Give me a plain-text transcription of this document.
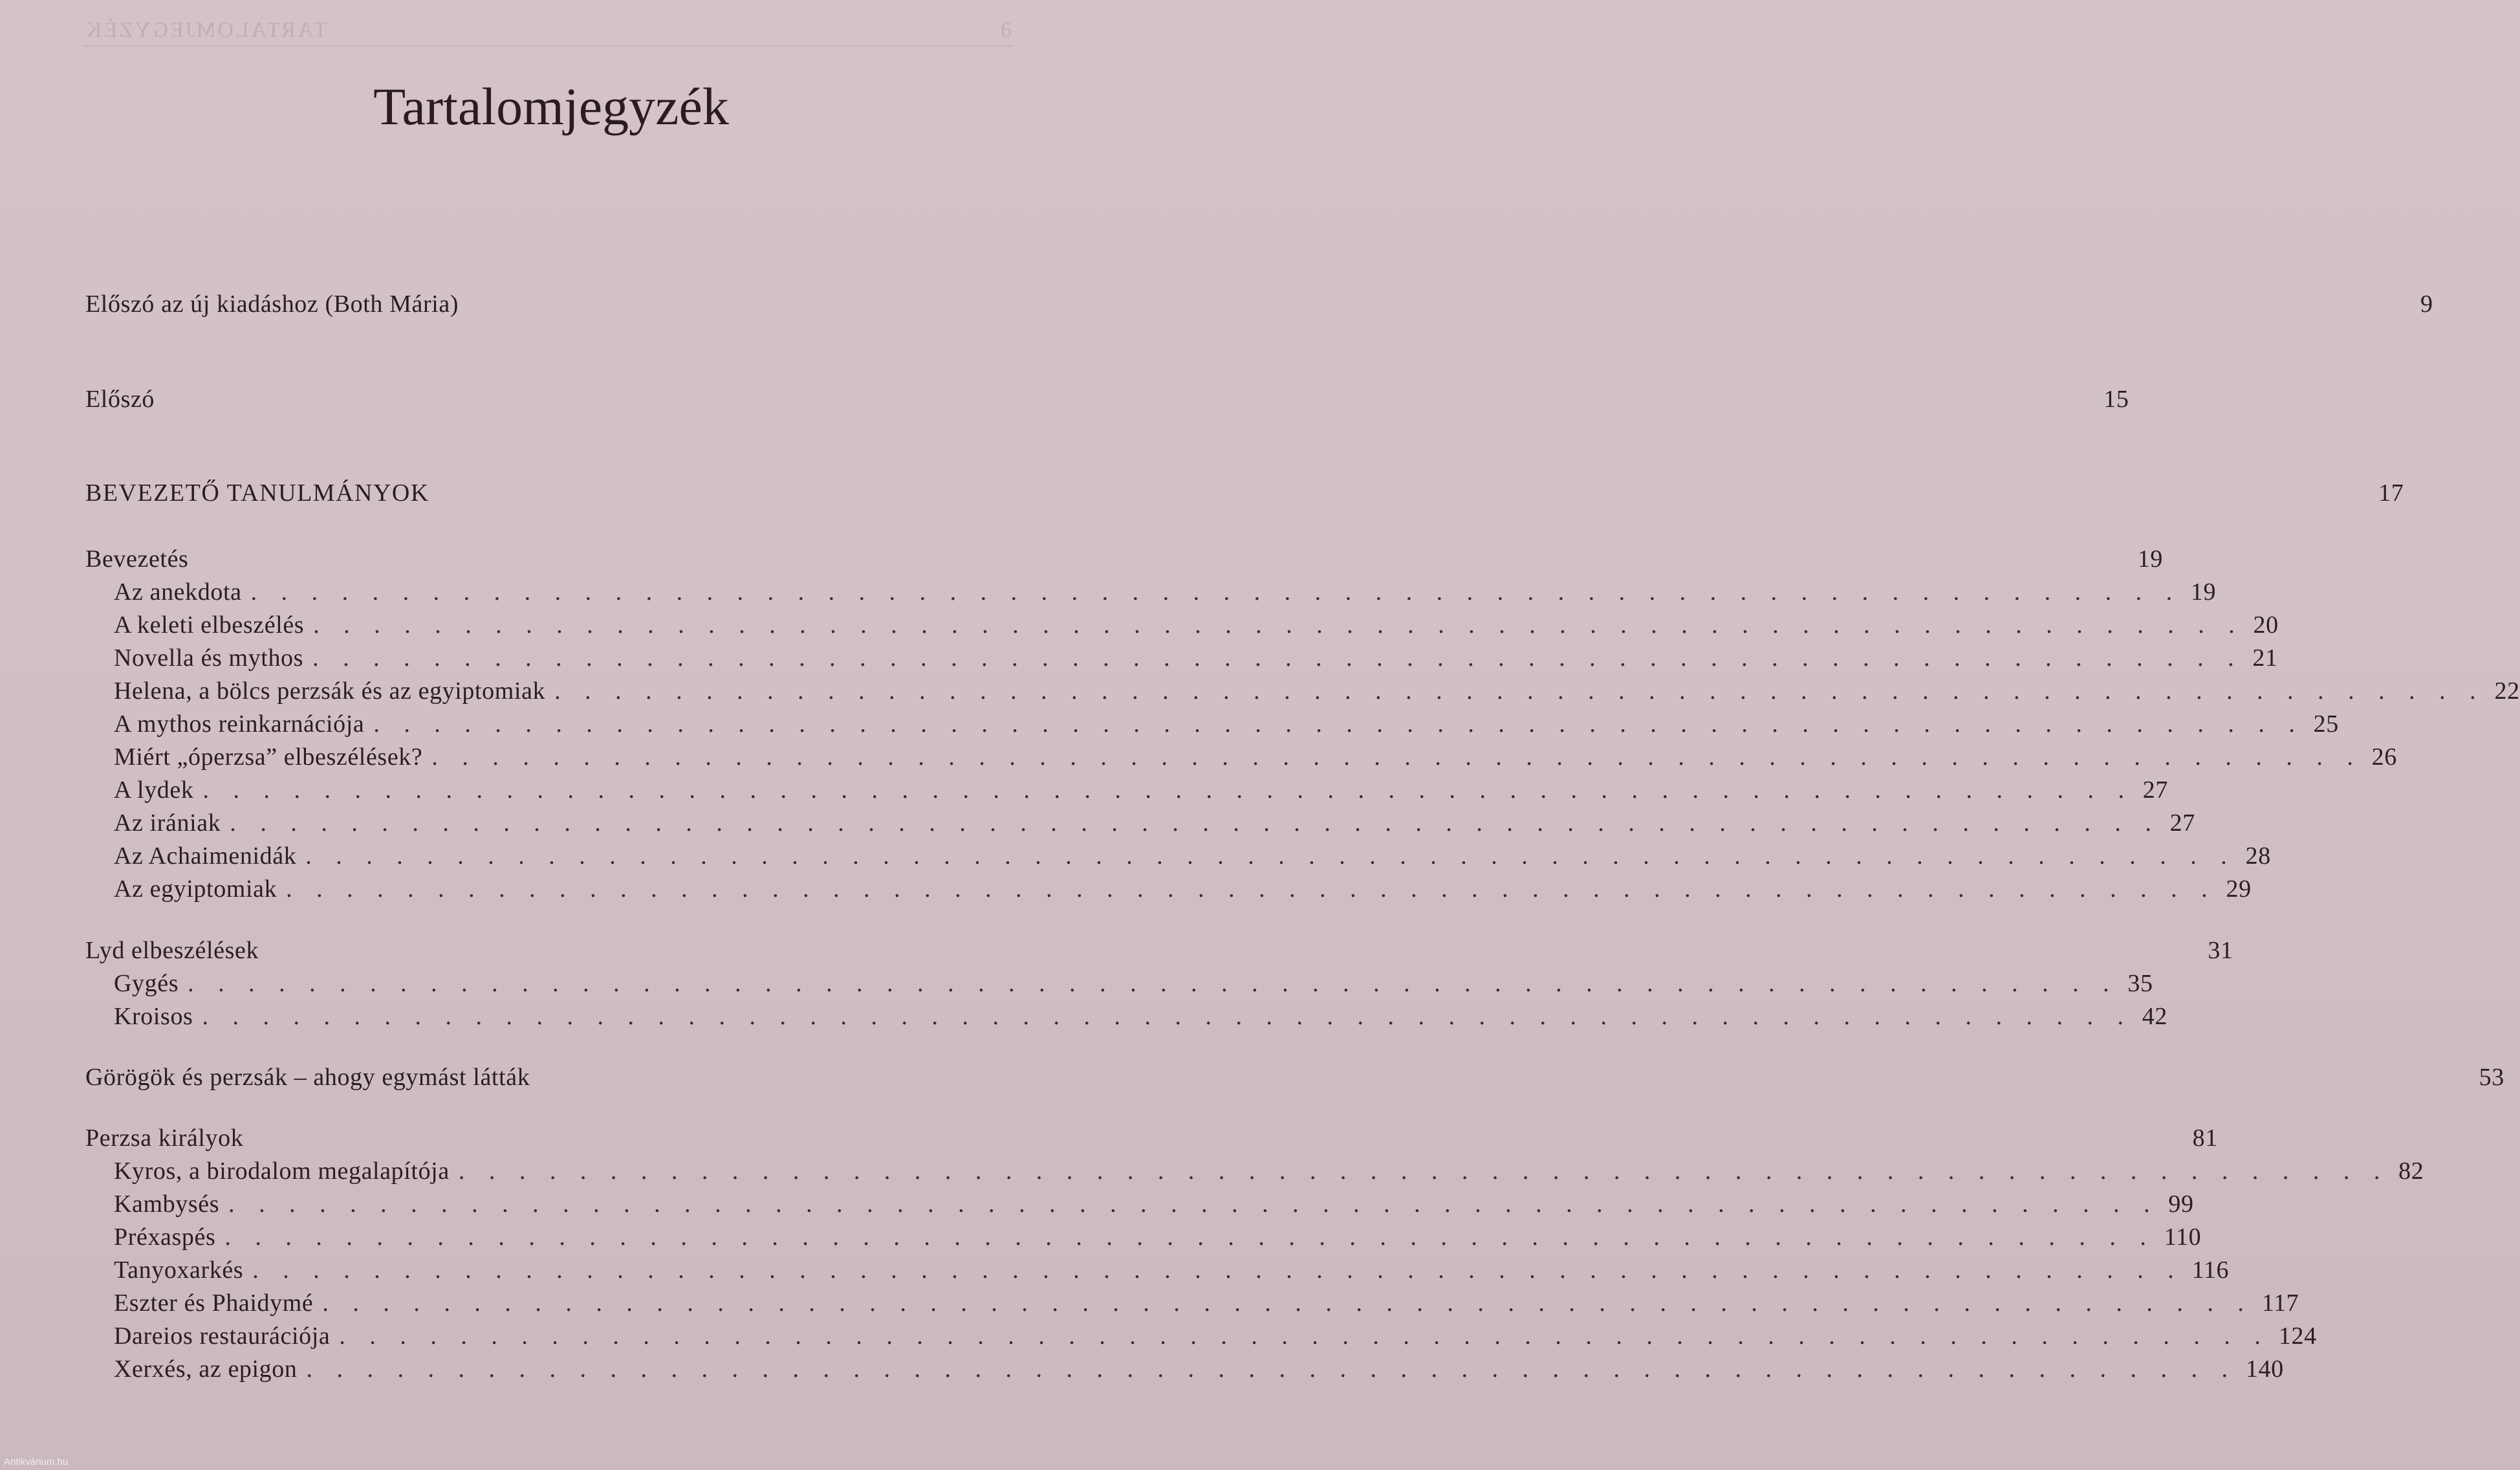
TARTALOMJEGYZÉK	6
Tartalomjegyzék
Előszó az új kiadáshoz (Both Mária)	9
Előszó	15
BEVEZETŐ TANULMÁNYOK	17
Bevezetés	19
Az anekdota . . . . . . . . . . . . . . . . . . . . . . . . . . . . . . . . . . . . . . . . . . . . . . . . . . . . . . . . . . . . . . . . 19
A keleti elbeszélés . . . . . . . . . . . . . . . . . . . . . . . . . . . . . . . . . . . . . . . . . . . . . . . . . . . . . . . . . . . . . . . . 20
Novella és mythos . . . . . . . . . . . . . . . . . . . . . . . . . . . . . . . . . . . . . . . . . . . . . . . . . . . . . . . . . . . . . . . . 21
Helena, a bölcs perzsák és az egyiptomiak . . . . . . . . . . . . . . . . . . . . . . . . . . . . . . . . . . . . . . . . . . . . . . . . . . . . . . . . . . . . . . . . 22
A mythos reinkarnációja . . . . . . . . . . . . . . . . . . . . . . . . . . . . . . . . . . . . . . . . . . . . . . . . . . . . . . . . . . . . . . . . 25
Miért „óperzsa” elbeszélések? . . . . . . . . . . . . . . . . . . . . . . . . . . . . . . . . . . . . . . . . . . . . . . . . . . . . . . . . . . . . . . . . 26
A lydek . . . . . . . . . . . . . . . . . . . . . . . . . . . . . . . . . . . . . . . . . . . . . . . . . . . . . . . . . . . . . . . . 27
Az irániak . . . . . . . . . . . . . . . . . . . . . . . . . . . . . . . . . . . . . . . . . . . . . . . . . . . . . . . . . . . . . . . . 27
Az Achaimenidák . . . . . . . . . . . . . . . . . . . . . . . . . . . . . . . . . . . . . . . . . . . . . . . . . . . . . . . . . . . . . . . . 28
Az egyiptomiak . . . . . . . . . . . . . . . . . . . . . . . . . . . . . . . . . . . . . . . . . . . . . . . . . . . . . . . . . . . . . . . . 29
Lyd elbeszélések	31
Gygés . . . . . . . . . . . . . . . . . . . . . . . . . . . . . . . . . . . . . . . . . . . . . . . . . . . . . . . . . . . . . . . . 35
Kroisos . . . . . . . . . . . . . . . . . . . . . . . . . . . . . . . . . . . . . . . . . . . . . . . . . . . . . . . . . . . . . . . . 42
Görögök és perzsák – ahogy egymást látták	53
Perzsa királyok	81
Kyros, a birodalom megalapítója . . . . . . . . . . . . . . . . . . . . . . . . . . . . . . . . . . . . . . . . . . . . . . . . . . . . . . . . . . . . . . . . 82
Kambysés . . . . . . . . . . . . . . . . . . . . . . . . . . . . . . . . . . . . . . . . . . . . . . . . . . . . . . . . . . . . . . . . 99
Préxaspés . . . . . . . . . . . . . . . . . . . . . . . . . . . . . . . . . . . . . . . . . . . . . . . . . . . . . . . . . . . . . . . . 110
Tanyoxarkés . . . . . . . . . . . . . . . . . . . . . . . . . . . . . . . . . . . . . . . . . . . . . . . . . . . . . . . . . . . . . . . . 116
Eszter és Phaidymé . . . . . . . . . . . . . . . . . . . . . . . . . . . . . . . . . . . . . . . . . . . . . . . . . . . . . . . . . . . . . . . . 117
Dareios restaurációja . . . . . . . . . . . . . . . . . . . . . . . . . . . . . . . . . . . . . . . . . . . . . . . . . . . . . . . . . . . . . . . . 124
Xerxés, az epigon . . . . . . . . . . . . . . . . . . . . . . . . . . . . . . . . . . . . . . . . . . . . . . . . . . . . . . . . . . . . . . . . 140
Antikvárium.hu
